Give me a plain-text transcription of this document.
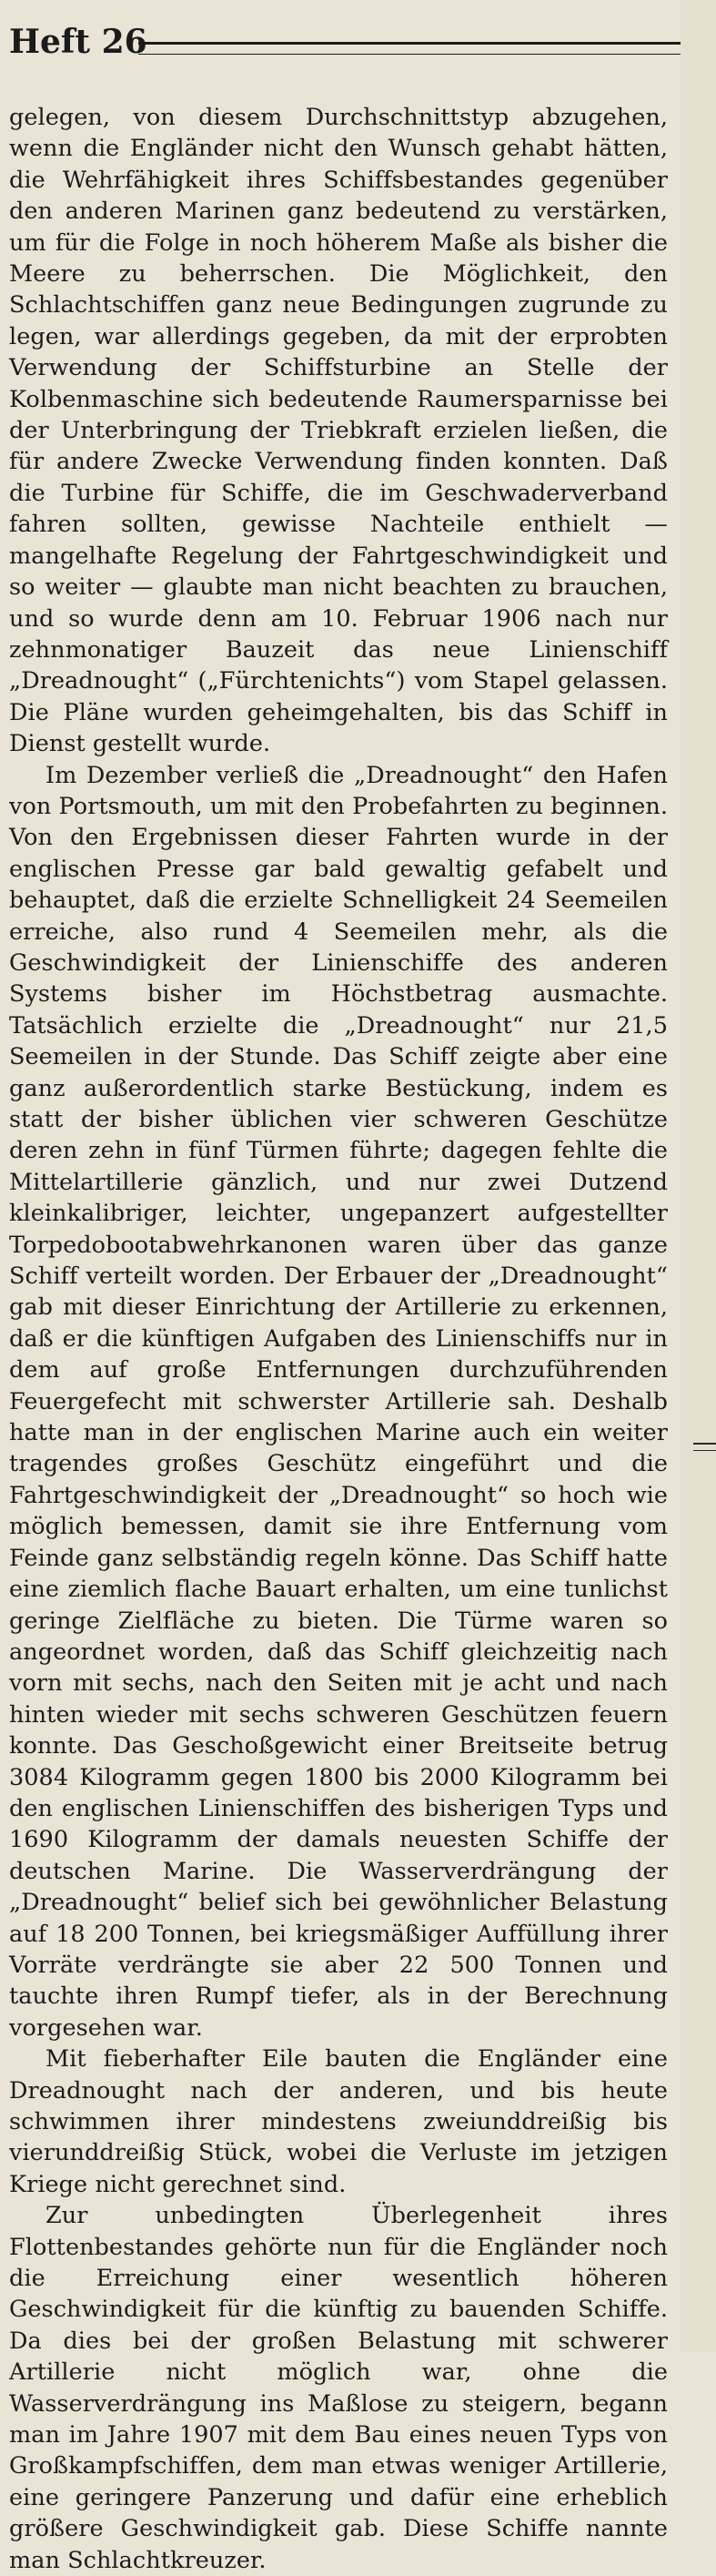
Heft 26

gelegen, von diesem Durchschnittstyp abzugehen, wenn die Engländer nicht den Wunsch gehabt hätten, die Wehrfähigkeit ihres Schiffsbestandes gegenüber den anderen Marinen ganz bedeutend zu verstärken, um für die Folge in noch höherem Maße als bisher die Meere zu beherrschen. Die Möglichkeit, den Schlachtschiffen ganz neue Bedingungen zugrunde zu legen, war allerdings gegeben, da mit der erprobten Verwendung der Schiffsturbine an Stelle der Kolbenmaschine sich bedeutende Raumersparnisse bei der Unterbringung der Triebkraft erzielen ließen, die für andere Zwecke Verwendung finden konnten. Daß die Turbine für Schiffe, die im Geschwaderverband fahren sollten, gewisse Nachteile enthielt — mangelhafte Regelung der Fahrtgeschwindigkeit und so weiter — glaubte man nicht beachten zu brauchen, und so wurde denn am 10. Februar 1906 nach nur zehnmonatiger Bauzeit das neue Linienschiff „Dreadnought“ („Fürchtenichts“) vom Stapel gelassen. Die Pläne wurden geheimgehalten, bis das Schiff in Dienst gestellt wurde.

Im Dezember verließ die „Dreadnought“ den Hafen von Portsmouth, um mit den Probefahrten zu beginnen. Von den Ergebnissen dieser Fahrten wurde in der englischen Presse gar bald gewaltig gefabelt und behauptet, daß die erzielte Schnelligkeit 24 Seemeilen erreiche, also rund 4 Seemeilen mehr, als die Geschwindigkeit der Linienschiffe des anderen Systems bisher im Höchstbetrag ausmachte. Tatsächlich erzielte die „Dreadnought“ nur 21,5 Seemeilen in der Stunde. Das Schiff zeigte aber eine ganz außerordentlich starke Bestückung, indem es statt der bisher üblichen vier schweren Geschütze deren zehn in fünf Türmen führte; dagegen fehlte die Mittelartillerie gänzlich, und nur zwei Dutzend kleinkalibriger, leichter, ungepanzert aufgestellter Torpedobootabwehrkanonen waren über das ganze Schiff verteilt worden. Der Erbauer der „Dreadnought“ gab mit dieser Einrichtung der Artillerie zu erkennen, daß er die künftigen Aufgaben des Linienschiffs nur in dem auf große Entfernungen durchzuführenden Feuergefecht mit schwerster Artillerie sah. Deshalb hatte man in der englischen Marine auch ein weiter tragendes großes Geschütz eingeführt und die Fahrtgeschwindigkeit der „Dreadnought“ so hoch wie möglich bemessen, damit sie ihre Entfernung vom Feinde ganz selbständig regeln könne. Das Schiff hatte eine ziemlich flache Bauart erhalten, um eine tunlichst geringe Zielfläche zu bieten. Die Türme waren so angeordnet worden, daß das Schiff gleichzeitig nach vorn mit sechs, nach den Seiten mit je acht und nach hinten wieder mit sechs schweren Geschützen feuern konnte. Das Geschoßgewicht einer Breitseite betrug 3084 Kilogramm gegen 1800 bis 2000 Kilogramm bei den englischen Linienschiffen des bisherigen Typs und 1690 Kilogramm der damals neuesten Schiffe der deutschen Marine. Die Wasserverdrängung der „Dreadnought“ belief sich bei gewöhnlicher Belastung auf 18 200 Tonnen, bei kriegsmäßiger Auffüllung ihrer Vorräte verdrängte sie aber 22 500 Tonnen und tauchte ihren Rumpf tiefer, als in der Berechnung vorgesehen war.

Mit fieberhafter Eile bauten die Engländer eine Dreadnought nach der anderen, und bis heute schwimmen ihrer mindestens zweiunddreißig bis vierunddreißig Stück, wobei die Verluste im jetzigen Kriege nicht gerechnet sind.

Zur unbedingten Überlegenheit ihres Flottenbestandes gehörte nun für die Engländer noch die Erreichung einer wesentlich höheren Geschwindigkeit für die künftig zu bauenden Schiffe. Da dies bei der großen Belastung mit schwerer Artillerie nicht möglich war, ohne die Wasserverdrängung ins Maßlose zu steigern, begann man im Jahre 1907 mit dem Bau eines neuen Typs von Großkampfschiffen, dem man etwas weniger Artillerie, eine geringere Panzerung und dafür eine erheblich größere Geschwindigkeit gab. Diese Schiffe nannte man Schlachtkreuzer.
